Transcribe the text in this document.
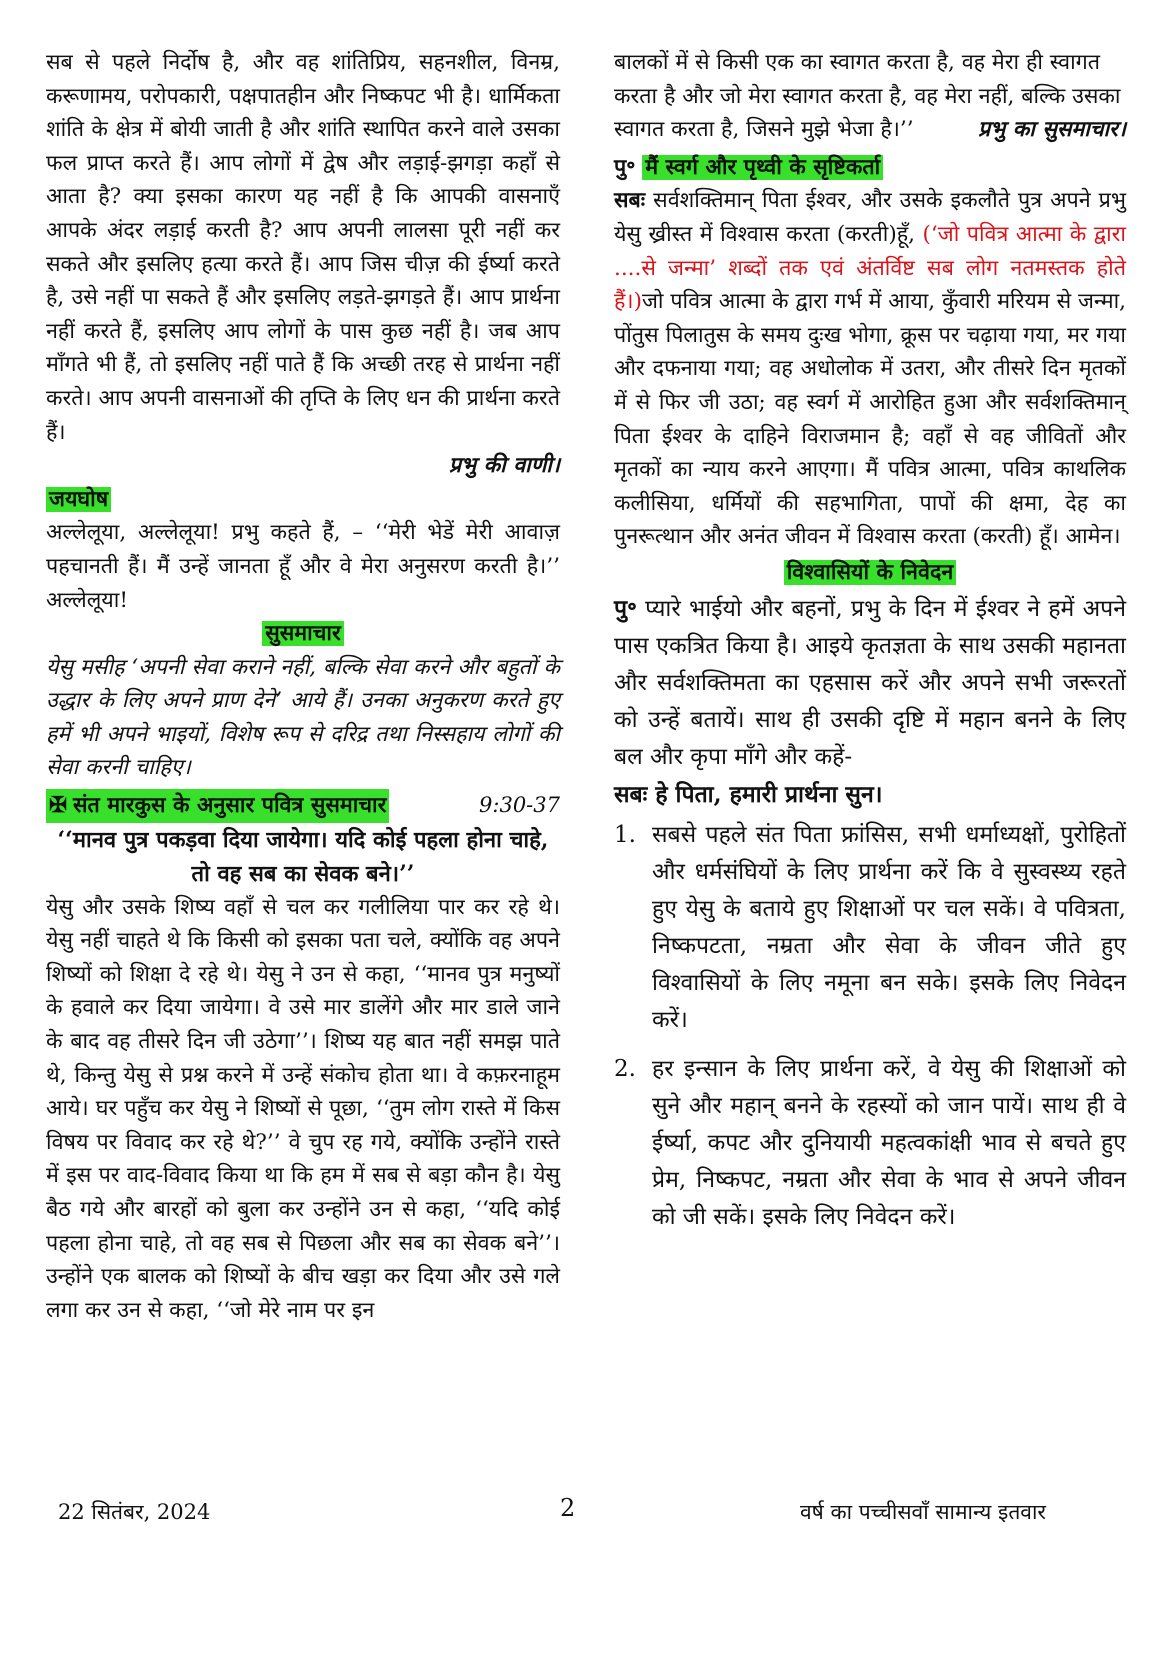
सब से पहले निर्दोष है, और वह शांतिप्रिय, सहनशील, विनम्र, करूणामय, परोपकारी, पक्षपातहीन और निष्कपट भी है। धार्मिकता शांति के क्षेत्र में बोयी जाती है और शांति स्थापित करने वाले उसका फल प्राप्त करते हैं। आप लोगों में द्वेष और लड़ाई-झगड़ा कहाँ से आता है? क्या इसका कारण यह नहीं है कि आपकी वासनाएँ आपके अंदर लड़ाई करती है? आप अपनी लालसा पूरी नहीं कर सकते और इसलिए हत्या करते हैं। आप जिस चीज़ की ईर्ष्या करते है, उसे नहीं पा सकते हैं और इसलिए लड़ते-झगड़ते हैं। आप प्रार्थना नहीं करते हैं, इसलिए आप लोगों के पास कुछ नहीं है। जब आप माँगते भी हैं, तो इसलिए नहीं पाते हैं कि अच्छी तरह से प्रार्थना नहीं करते। आप अपनी वासनाओं की तृप्ति के लिए धन की प्रार्थना करते हैं।

प्रभु की वाणी।

जयघोष

अल्लेलूया, अल्लेलूया! प्रभु कहते हैं, – ‘‘मेरी भेडें मेरी आवाज़ पहचानती हैं। मैं उन्हें जानता हूँ और वे मेरा अनुसरण करती है।’’ अल्लेलूया!

सुसमाचार

येसु मसीह ‘अपनी सेवा कराने नहीं, बल्कि सेवा करने और बहुतों के उद्धार के लिए अपने प्राण देने’ आये हैं। उनका अनुकरण करते हुए हमें भी अपने भाइयों, विशेष रूप से दरिद्र तथा निस्सहाय लोगों की सेवा करनी चाहिए।

✠ संत मारकुस के अनुसार पवित्र सुसमाचार	9:30-37

‘‘मानव पुत्र पकड़वा दिया जायेगा। यदि कोई पहला होना चाहे, तो वह सब का सेवक बने।’’

येसु और उसके शिष्य वहाँ से चल कर गलीलिया पार कर रहे थे। येसु नहीं चाहते थे कि किसी को इसका पता चले, क्योंकि वह अपने शिष्यों को शिक्षा दे रहे थे। येसु ने उन से कहा, ‘‘मानव पुत्र मनुष्यों के हवाले कर दिया जायेगा। वे उसे मार डालेंगे और मार डाले जाने के बाद वह तीसरे दिन जी उठेगा’’। शिष्य यह बात नहीं समझ पाते थे, किन्तु येसु से प्रश्न करने में उन्हें संकोच होता था। वे कफ़रनाहूम आये। घर पहुँच कर येसु ने शिष्यों से पूछा, ‘‘तुम लोग रास्ते में किस विषय पर विवाद कर रहे थे?’’ वे चुप रह गये, क्योंकि उन्होंने रास्ते में इस पर वाद-विवाद किया था कि हम में सब से बड़ा कौन है। येसु बैठ गये और बारहों को बुला कर उन्होंने उन से कहा, ‘‘यदि कोई पहला होना चाहे, तो वह सब से पिछला और सब का सेवक बने’’। उन्होंने एक बालक को शिष्यों के बीच खड़ा कर दिया और उसे गले लगा कर उन से कहा, ‘‘जो मेरे नाम पर इन

बालकों में से किसी एक का स्वागत करता है, वह मेरा ही स्वागत करता है और जो मेरा स्वागत करता है, वह मेरा नहीं, बल्कि उसका स्वागत करता है, जिसने मुझे भेजा है।’’	प्रभु का सुसमाचार।

पु॰ मैं स्वर्ग और पृथ्वी के सृष्टिकर्ता

सबः सर्वशक्तिमान् पिता ईश्वर, और उसके इकलौते पुत्र अपने प्रभु येसु ख्रीस्त में विश्वास करता (करती)हूँ, (‘जो पवित्र आत्मा के द्वारा ....से जन्मा’ शब्दों तक एवं अंतर्विष्ट सब लोग नतमस्तक होते हैं।)जो पवित्र आत्मा के द्वारा गर्भ में आया, कुँवारी मरियम से जन्मा, पोंतुस पिलातुस के समय दुःख भोगा, क्रूस पर चढ़ाया गया, मर गया और दफनाया गया; वह अधोलोक में उतरा, और तीसरे दिन मृतकों में से फिर जी उठा; वह स्वर्ग में आरोहित हुआ और सर्वशक्तिमान् पिता ईश्वर के दाहिने विराजमान है; वहाँ से वह जीवितों और मृतकों का न्याय करने आएगा। मैं पवित्र आत्मा, पवित्र काथलिक कलीसिया, धर्मियों की सहभागिता, पापों की क्षमा, देह का पुनरूत्थान और अनंत जीवन में विश्वास करता (करती) हूँ। आमेन।

विश्वासियों के निवेदन

पु॰ प्यारे भाईयो और बहनों, प्रभु के दिन में ईश्वर ने हमें अपने पास एकत्रित किया है। आइये कृतज्ञता के साथ उसकी महानता और सर्वशक्तिमता का एहसास करें और अपने सभी जरूरतों को उन्हें बतायें। साथ ही उसकी दृष्टि में महान बनने के लिए बल और कृपा माँगे और कहें-

सबः हे पिता, हमारी प्रार्थना सुन।

1. सबसे पहले संत पिता फ्रांसिस, सभी धर्माध्यक्षों, पुरोहितों और धर्मसंघियों के लिए प्रार्थना करें कि वे सुस्वस्थ्य रहते हुए येसु के बताये हुए शिक्षाओं पर चल सकें। वे पवित्रता, निष्कपटता, नम्रता और सेवा के जीवन जीते हुए विश्वासियों के लिए नमूना बन सके। इसके लिए निवेदन करें।
2. हर इन्सान के लिए प्रार्थना करें, वे येसु की शिक्षाओं को सुने और महान् बनने के रहस्यों को जान पायें। साथ ही वे ईर्ष्या, कपट और दुनियायी महत्वकांक्षी भाव से बचते हुए प्रेम, निष्कपट, नम्रता और सेवा के भाव से अपने जीवन को जी सकें। इसके लिए निवेदन करें।
22 सितंबर, 2024	2	वर्ष का पच्चीसवाँ सामान्य इतवार
